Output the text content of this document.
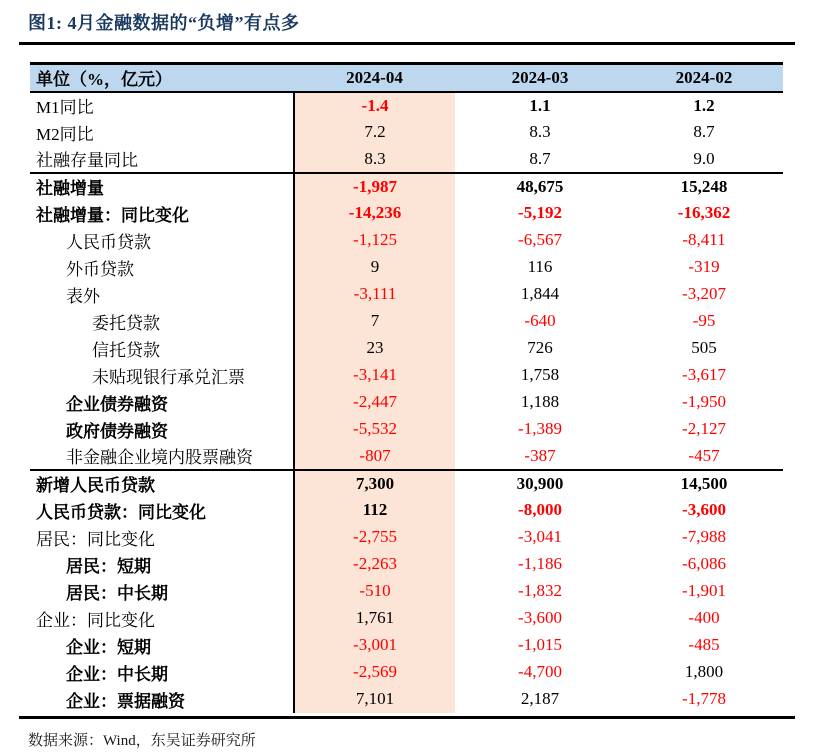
图1: 4月金融数据的“负增”有点多
单位（%，亿元）	2024-04	2024-03	2024-02
M1同比	-1.4	1.1	1.2
M2同比	7.2	8.3	8.7
社融存量同比	8.3	8.7	9.0
社融增量	-1,987	48,675	15,248
社融增量：同比变化	-14,236	-5,192	-16,362
人民币贷款	-1,125	-6,567	-8,411
外币贷款	9	116	-319
表外	-3,111	1,844	-3,207
委托贷款	7	-640	-95
信托贷款	23	726	505
未贴现银行承兑汇票	-3,141	1,758	-3,617
企业债券融资	-2,447	1,188	-1,950
政府债券融资	-5,532	-1,389	-2,127
非金融企业境内股票融资	-807	-387	-457
新增人民币贷款	7,300	30,900	14,500
人民币贷款：同比变化	112	-8,000	-3,600
居民：同比变化	-2,755	-3,041	-7,988
居民：短期	-2,263	-1,186	-6,086
居民：中长期	-510	-1,832	-1,901
企业：同比变化	1,761	-3,600	-400
企业：短期	-3,001	-1,015	-485
企业：中长期	-2,569	-4,700	1,800
企业：票据融资	7,101	2,187	-1,778
数据来源：Wind，东吴证券研究所
